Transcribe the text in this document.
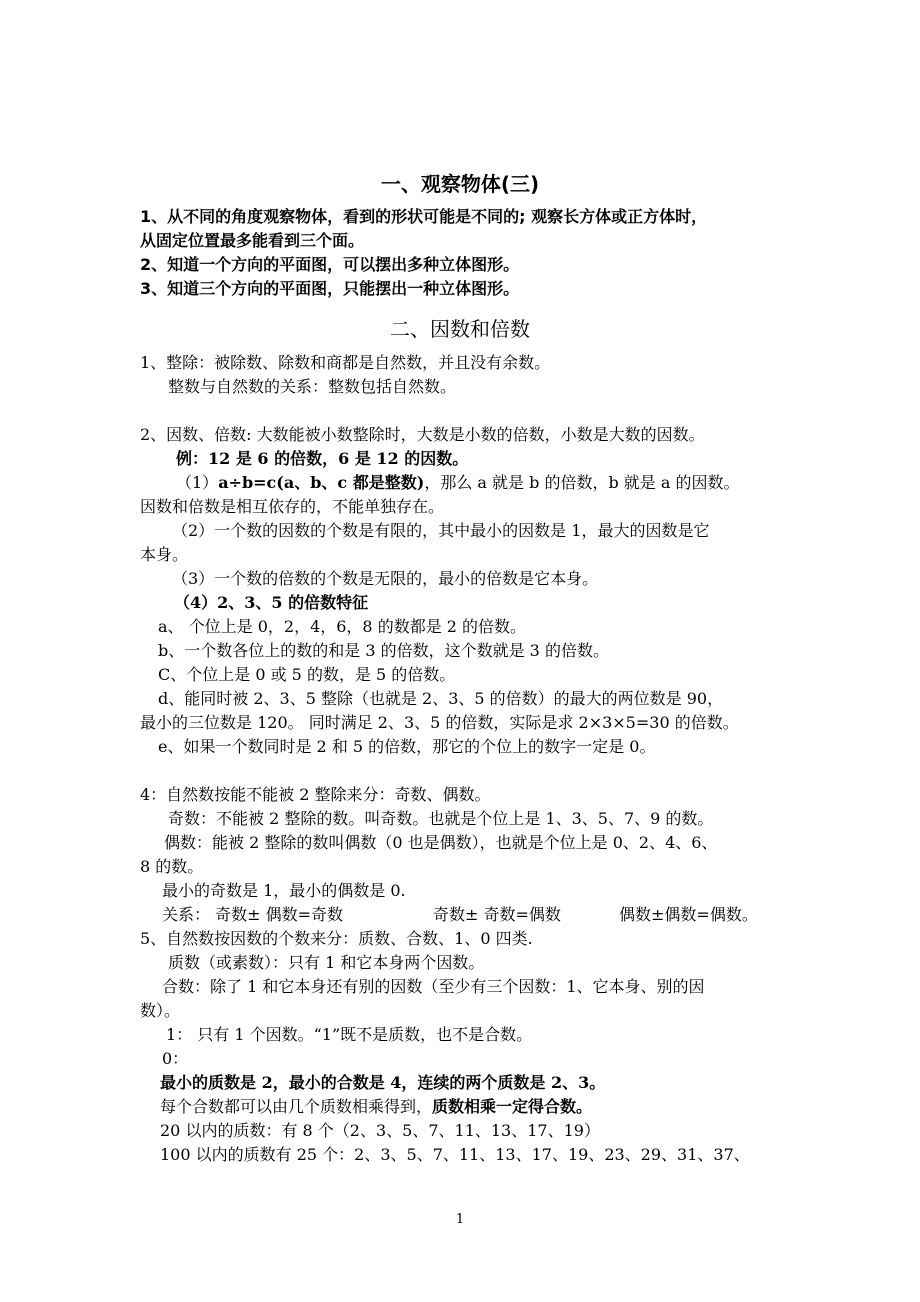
一、观察物体(三)
1、从不同的角度观察物体，看到的形状可能是不同的; 观察长方体或正方体时，
从固定位置最多能看到三个面。
2、知道一个方向的平面图，可以摆出多种立体图形。
3、知道三个方向的平面图，只能摆出一种立体图形。
二、因数和倍数
1、整除：被除数、除数和商都是自然数，并且没有余数。
整数与自然数的关系：整数包括自然数。
2、因数、倍数: 大数能被小数整除时，大数是小数的倍数，小数是大数的因数。
例：12 是 6 的倍数，6 是 12 的因数。
（1）a÷b=c(a、b、c 都是整数)，那么 a 就是 b 的倍数，b 就是 a 的因数。
因数和倍数是相互依存的，不能单独存在。
（2）一个数的因数的个数是有限的，其中最小的因数是 1，最大的因数是它
本身。
（3）一个数的倍数的个数是无限的，最小的倍数是它本身。
（4）2、3、5 的倍数特征
a、 个位上是 0，2，4，6，8 的数都是 2 的倍数。
b、一个数各位上的数的和是 3 的倍数，这个数就是 3 的倍数。
C、个位上是 0 或 5 的数，是 5 的倍数。
d、能同时被 2、3、5 整除（也就是 2、3、5 的倍数）的最大的两位数是 90，
最小的三位数是 120。 同时满足 2、3、5 的倍数，实际是求 2×3×5=30 的倍数。
e、如果一个数同时是 2 和 5 的倍数，那它的个位上的数字一定是 0。
4：自然数按能不能被 2 整除来分：奇数、偶数。
奇数：不能被 2 整除的数。叫奇数。也就是个位上是 1、3、5、7、9 的数。
偶数：能被 2 整除的数叫偶数（0 也是偶数），也就是个位上是 0、2、4、6、
8 的数。
最小的奇数是 1，最小的偶数是 0.
关系： 奇数± 偶数=奇数	奇数± 奇数=偶数	偶数±偶数=偶数。
5、自然数按因数的个数来分：质数、合数、1、0 四类.
质数（或素数）：只有 1 和它本身两个因数。
合数：除了 1 和它本身还有别的因数（至少有三个因数：1、它本身、别的因
数）。
1： 只有 1 个因数。“1”既不是质数，也不是合数。
0：
最小的质数是 2，最小的合数是 4，连续的两个质数是 2、3。
每个合数都可以由几个质数相乘得到，质数相乘一定得合数。
20 以内的质数：有 8 个（2、3、5、7、11、13、17、19）
100 以内的质数有 25 个：2、3、5、7、11、13、17、19、23、29、31、37、
1
